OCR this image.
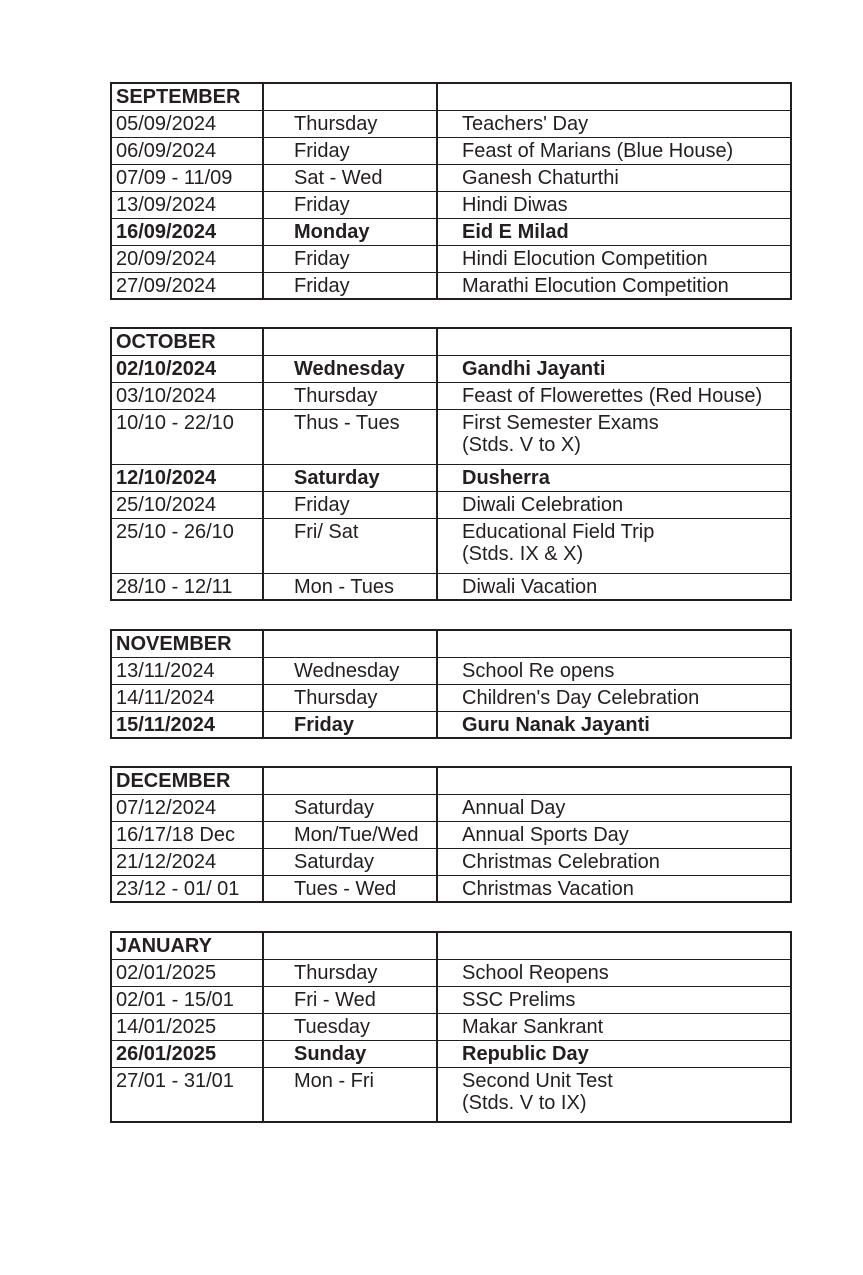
SEPTEMBER		
05/09/2024	Thursday	Teachers' Day
06/09/2024	Friday	Feast of Marians (Blue House)
07/09 - 11/09	Sat - Wed	Ganesh Chaturthi
13/09/2024	Friday	Hindi Diwas
16/09/2024	Monday	Eid E Milad
20/09/2024	Friday	Hindi Elocution Competition
27/09/2024	Friday	Marathi Elocution Competition
OCTOBER		
02/10/2024	Wednesday	Gandhi Jayanti
03/10/2024	Thursday	Feast of Flowerettes (Red House)
10/10 - 22/10	Thus - Tues	First Semester Exams
(Stds. V to X)

12/10/2024	Saturday	Dusherra
25/10/2024	Friday	Diwali Celebration
25/10 - 26/10	Fri/ Sat	Educational Field Trip
(Stds. IX & X)

28/10 - 12/11	Mon - Tues	Diwali Vacation
NOVEMBER		
13/11/2024	Wednesday	School Re opens
14/11/2024	Thursday	Children's Day Celebration
15/11/2024	Friday	Guru Nanak Jayanti
DECEMBER		
07/12/2024	Saturday	Annual Day
16/17/18 Dec	Mon/Tue/Wed	Annual Sports Day
21/12/2024	Saturday	Christmas Celebration
23/12 - 01/ 01	Tues - Wed	Christmas Vacation
JANUARY		
02/01/2025	Thursday	School Reopens
02/01 - 15/01	Fri - Wed	SSC Prelims
14/01/2025	Tuesday	Makar Sankrant
26/01/2025	Sunday	Republic Day
27/01 - 31/01	Mon - Fri	Second Unit Test
(Stds. V to IX)
